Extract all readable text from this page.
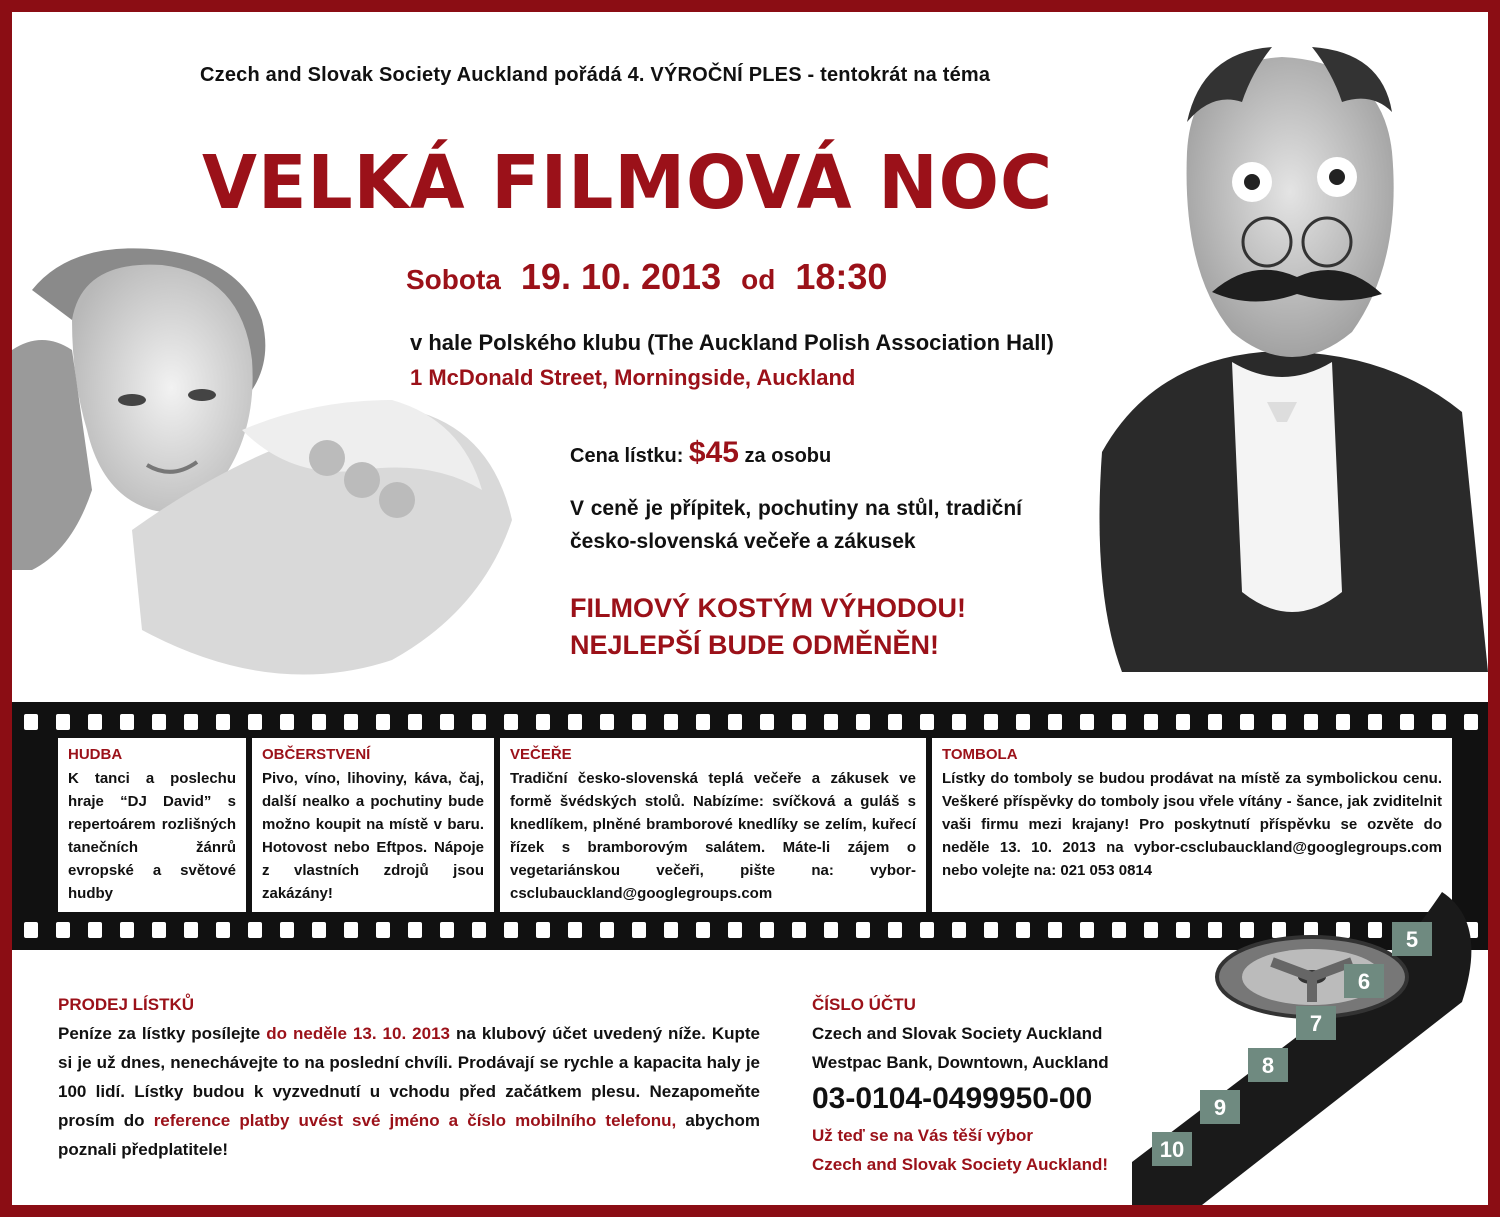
Czech and Slovak Society Auckland pořádá 4. VÝROČNÍ PLES - tentokrát na téma
VELKÁ FILMOVÁ NOC
Sobota 19. 10. 2013 od 18:30
v hale Polského klubu (The Auckland Polish Association Hall)
1 McDonald Street, Morningside, Auckland
Cena lístku: $45 za osobu
V ceně je přípitek, pochutiny na stůl, tradiční česko-slovenská večeře a zákusek
FILMOVÝ KOSTÝM VÝHODOU!
NEJLEPŠÍ BUDE ODMĚNĚN!
HUDBA

K tanci a poslechu hraje “DJ David” s repertoárem rozlišných tanečních žánrů evropské a světové hudby

OBČERSTVENÍ

Pivo, víno, lihoviny, káva, čaj, další nealko a pochutiny bude možno koupit na místě v baru. Hotovost nebo Eftpos. Nápoje z vlastních zdrojů jsou zakázány!

VEČEŘE

Tradiční česko-slovenská teplá večeře a zákusek ve formě švédských stolů. Nabízíme: svíčková a guláš s knedlíkem, plněné bramborové knedlíky se zelím, kuřecí řízek s bramborovým salátem. Máte-li zájem o vegetariánskou večeři, pište na: vybor-csclubauckland@googlegroups.com

TOMBOLA

Lístky do tomboly se budou prodávat na místě za symbolickou cenu. Veškeré příspěvky do tomboly jsou vřele vítány - šance, jak zviditelnit vaši firmu mezi krajany! Pro poskytnutí příspěvku se ozvěte do neděle 13. 10. 2013 na vybor-csclubauckland@googlegroups.com nebo volejte na: 021 053 0814

PRODEJ LÍSTKŮ
Peníze za lístky posílejte do neděle 13. 10. 2013 na klubový účet uvedený níže. Kupte si je už dnes, nenechávejte to na poslední chvíli. Prodávají se rychle a kapacita haly je 100 lidí. Lístky budou k vyzvednutí u vchodu před začátkem plesu. Nezapomeňte prosím do reference platby uvést své jméno a číslo mobilního telefonu, abychom poznali předplatitele!
ČÍSLO ÚČTU
Czech and Slovak Society Auckland
Westpac Bank, Downtown, Auckland
03-0104-0499950-00
Už teď se na Vás těší výbor
Czech and Slovak Society Auckland!
10
9
8
7
6
5
